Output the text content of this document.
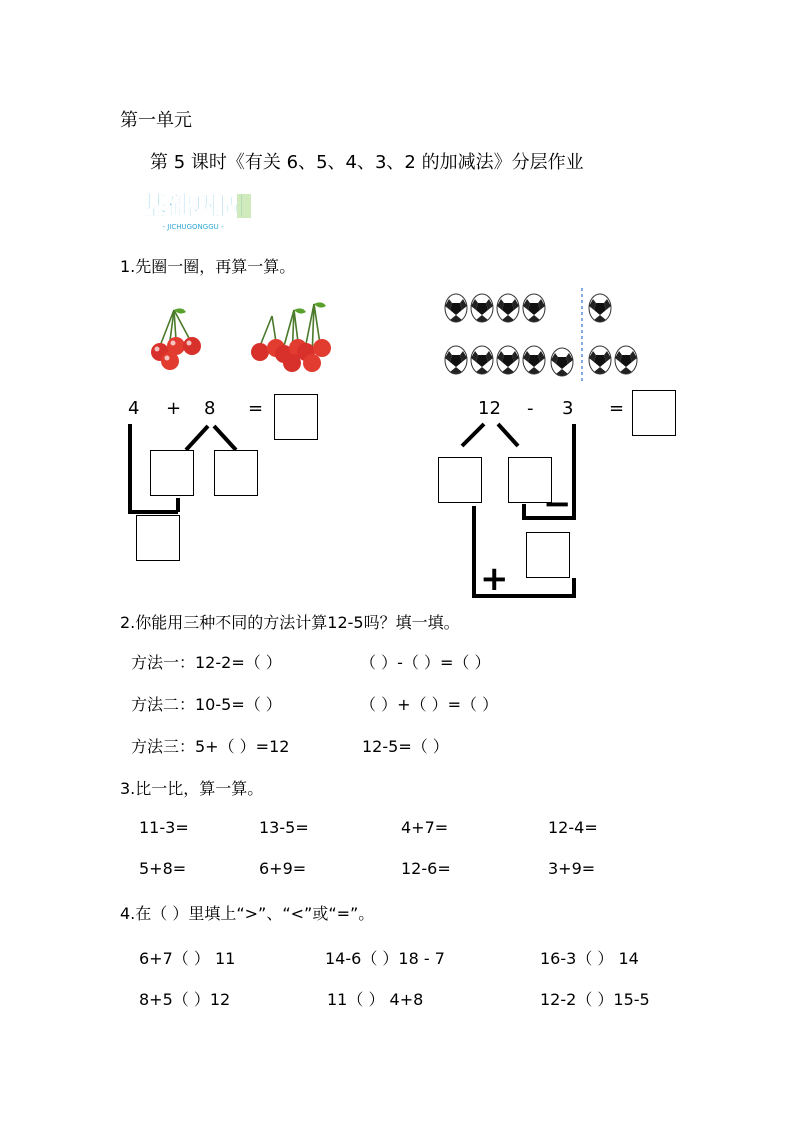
第一单元
第 5 课时《有关 6、5、4、3、2 的加减法》分层作业
基础巩固
- JICHUGONGGU -
1.先圈一圈，再算一算。
4 + 8 =	12 - 3 =
−
+
2.你能用三种不同的方法计算12-5吗？填一填。
方法一：12-2=（ ）	（ ）-（ ）=（ ）
方法二：10-5=（ ）	（ ）+（ ）=（ ）
方法三：5+（ ）=12	12-5=（ ）
3.比一比，算一算。
11-3=	13-5=	4+7=	12-4=
5+8=	6+9=	12-6=	3+9=
4.在（ ）里填上“>”、“<”或“=”。
6+7（ ） 11	14-6（ ）18 - 7	16-3（ ） 14
8+5（ ）12	11（ ） 4+8	12-2（ ）15-5
